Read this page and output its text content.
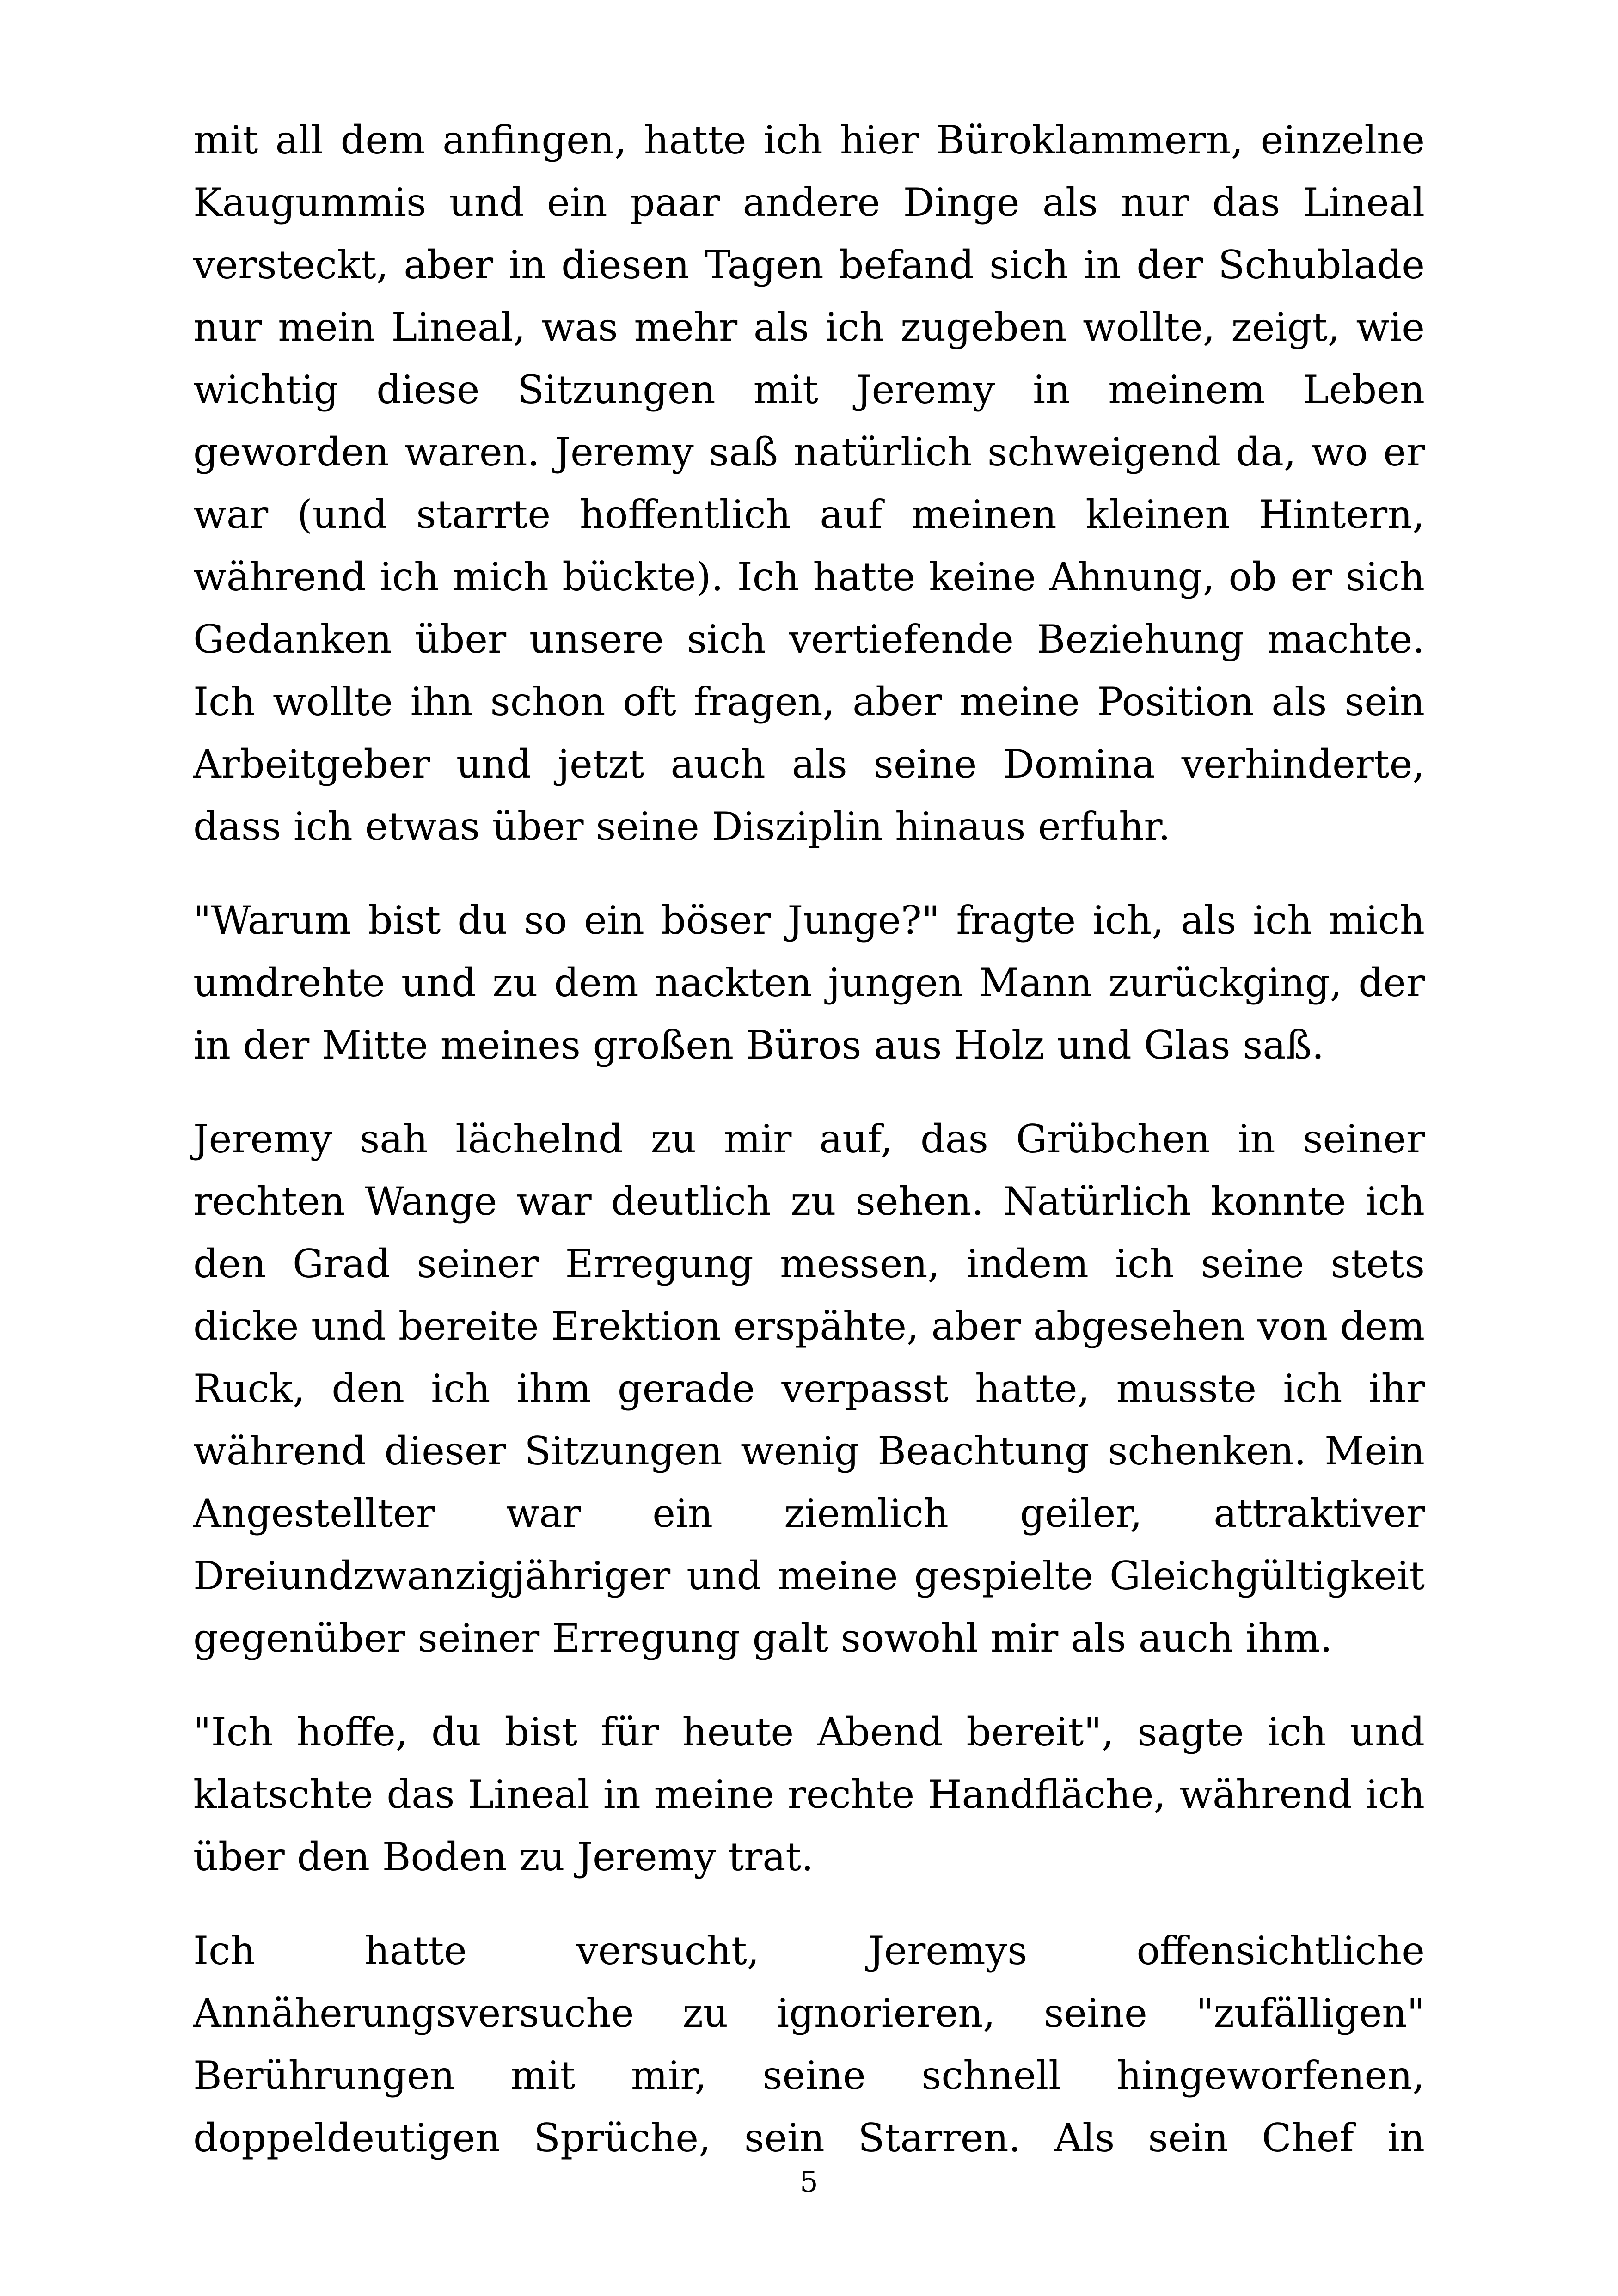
mit all dem anfingen, hatte ich hier Büroklammern, einzelne Kaugummis und ein paar andere Dinge als nur das Lineal versteckt, aber in diesen Tagen befand sich in der Schublade nur mein Lineal, was mehr als ich zugeben wollte, zeigt, wie wichtig diese Sitzungen mit Jeremy in meinem Leben geworden waren. Jeremy saß natürlich schweigend da, wo er war (und starrte hoffentlich auf meinen kleinen Hintern, während ich mich bückte). Ich hatte keine Ahnung, ob er sich Gedanken über unsere sich vertiefende Beziehung machte. Ich wollte ihn schon oft fragen, aber meine Position als sein Arbeitgeber und jetzt auch als seine Domina verhinderte, dass ich etwas über seine Disziplin hinaus erfuhr.

"Warum bist du so ein böser Junge?" fragte ich, als ich mich umdrehte und zu dem nackten jungen Mann zurückging, der in der Mitte meines großen Büros aus Holz und Glas saß.

Jeremy sah lächelnd zu mir auf, das Grübchen in seiner rechten Wange war deutlich zu sehen. Natürlich konnte ich den Grad seiner Erregung messen, indem ich seine stets dicke und bereite Erektion erspähte, aber abgesehen von dem Ruck, den ich ihm gerade verpasst hatte, musste ich ihr während dieser Sitzungen wenig Beachtung schenken. Mein Angestellter war ein ziemlich geiler, attraktiver Dreiundzwanzigjähriger und meine gespielte Gleichgültigkeit gegenüber seiner Erregung galt sowohl mir als auch ihm.

"Ich hoffe, du bist für heute Abend bereit", sagte ich und klatschte das Lineal in meine rechte Handfläche, während ich über den Boden zu Jeremy trat.

Ich hatte versucht, Jeremys offensichtliche Annäherungsversuche zu ignorieren, seine "zufälligen" Berührungen mit mir, seine schnell hingeworfenen, doppeldeutigen Sprüche, sein Starren. Als sein Chef in

5
